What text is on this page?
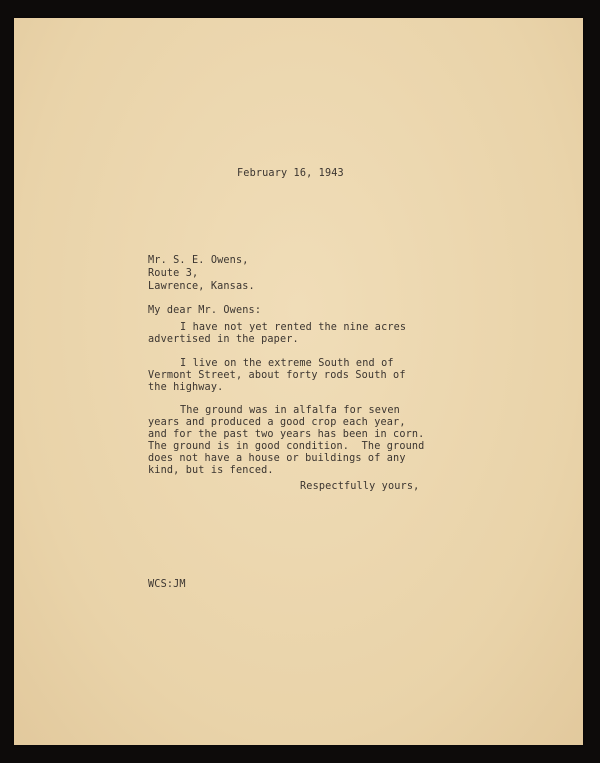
February 16, 1943
Mr. S. E. Owens,
Route 3,
Lawrence, Kansas.
My dear Mr. Owens:
I have not yet rented the nine acres
advertised in the paper.
I live on the extreme South end of
Vermont Street, about forty rods South of
the highway.
The ground was in alfalfa for seven
years and produced a good crop each year,
and for the past two years has been in corn.
The ground is in good condition.  The ground
does not have a house or buildings of any
kind, but is fenced.
Respectfully yours,
WCS:JM
